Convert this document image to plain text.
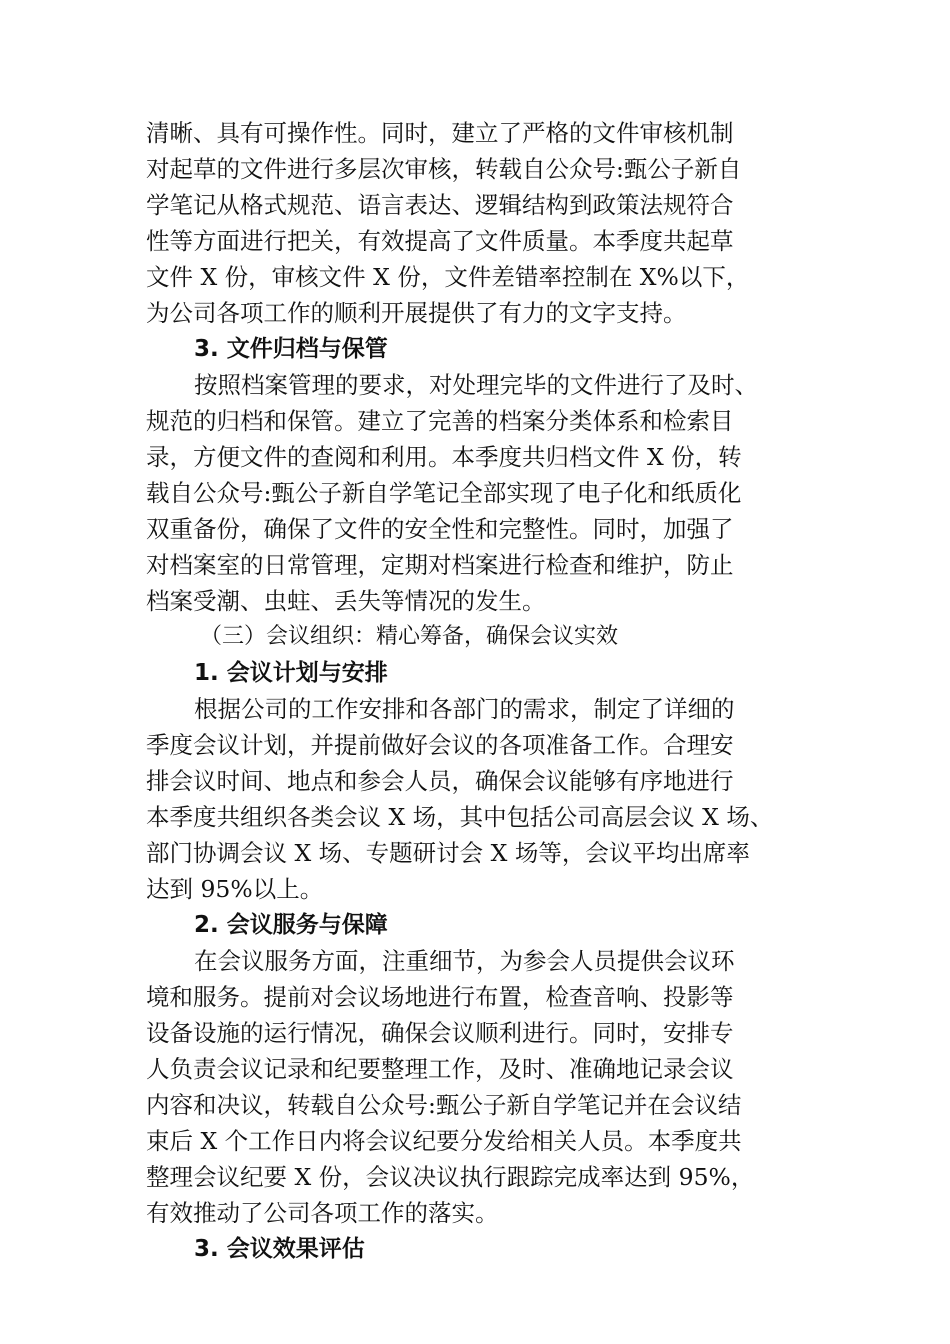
清晰、具有可操作性。同时，建立了严格的文件审核机制
对起草的文件进行多层次审核，转载自公众号:甄公子新自
学笔记从格式规范、语言表达、逻辑结构到政策法规符合
性等方面进行把关，有效提高了文件质量。本季度共起草
文件 X 份，审核文件 X 份，文件差错率控制在 X%以下，
为公司各项工作的顺利开展提供了有力的文字支持。
3. 文件归档与保管
按照档案管理的要求，对处理完毕的文件进行了及时、
规范的归档和保管。建立了完善的档案分类体系和检索目
录，方便文件的查阅和利用。本季度共归档文件 X 份，转
载自公众号:甄公子新自学笔记全部实现了电子化和纸质化
双重备份，确保了文件的安全性和完整性。同时，加强了
对档案室的日常管理，定期对档案进行检查和维护，防止
档案受潮、虫蛀、丢失等情况的发生。
（三）会议组织：精心筹备，确保会议实效
1. 会议计划与安排
根据公司的工作安排和各部门的需求，制定了详细的
季度会议计划，并提前做好会议的各项准备工作。合理安
排会议时间、地点和参会人员，确保会议能够有序地进行
本季度共组织各类会议 X 场，其中包括公司高层会议 X 场、
部门协调会议 X 场、专题研讨会 X 场等，会议平均出席率
达到 95%以上。
2. 会议服务与保障
在会议服务方面，注重细节，为参会人员提供会议环
境和服务。提前对会议场地进行布置，检查音响、投影等
设备设施的运行情况，确保会议顺利进行。同时，安排专
人负责会议记录和纪要整理工作，及时、准确地记录会议
内容和决议，转载自公众号:甄公子新自学笔记并在会议结
束后 X 个工作日内将会议纪要分发给相关人员。本季度共
整理会议纪要 X 份，会议决议执行跟踪完成率达到 95%，
有效推动了公司各项工作的落实。
3. 会议效果评估
